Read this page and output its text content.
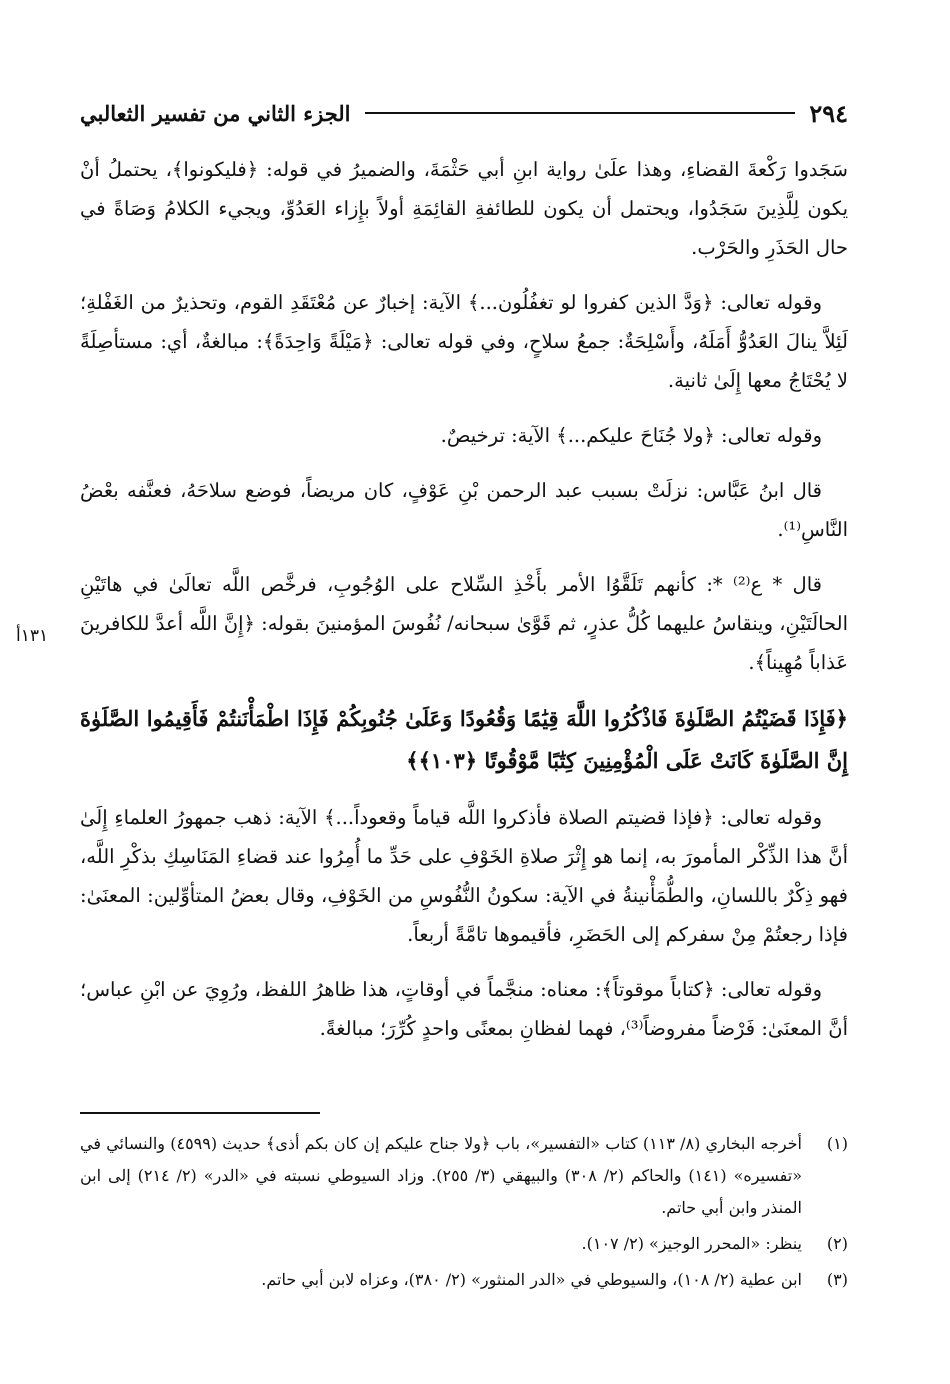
٢٩٤
الجزء الثاني من تفسير الثعالبي

سَجَدوا رَكْعةَ القضاءِ، وهذا علَىٰ رواية ابنِ أبي حَثْمَةَ، والضميرُ في قوله: ﴿فليكونوا﴾، يحتملُ أنْ يكون لِلَّذِينَ سَجَدُوا، ويحتمل أن يكون للطائفةِ القائِمَةِ أولاً بإِزاء العَدُوِّ، ويجيء الكلامُ وَصَاةً في حال الحَذَرِ والحَرْب.

وقوله تعالى: ﴿وَدَّ الذين كفروا لو تغفُلُون...﴾ الآية: إخبارٌ عن مُعْتَقَدِ القوم، وتحذيرٌ من الغَفْلةِ؛ لَئِلاَّ ينالَ العَدُوُّ أَمَلَهُ، وأَسْلِحَةٌ: جمعُ سلاحٍ، وفي قوله تعالى: ﴿مَيْلَةً وَاحِدَةً﴾: مبالغةٌ، أي: مستأصِلَةً لا يُحْتَاجُ معها إِلَىٰ ثانية.

وقوله تعالى: ﴿ولا جُنَاحَ عليكم...﴾ الآية: ترخيصٌ.

قال ابنُ عَبَّاس: نزلَتْ بسبب عبد الرحمن بْنِ عَوْفٍ، كان مريضاً، فوضع سلاحَهُ، فعنَّفه بعْضُ النَّاسِ⁽¹⁾.

قال * ع⁽²⁾ *: كأنهم تَلَقَّوُا الأمر بأَخْذِ السِّلاح على الوُجُوبِ، فرخَّص اللَّه تعالَىٰ في هاتَيْنِ الحالَتَيْنِ، وينقاسُ عليهما كُلُّ عذرٍ، ثم قَوَّىٰ سبحانه/ نُفُوسَ المؤمنينَ بقوله: ﴿إِنَّ اللَّه أعدَّ للكافرينَ عَذاباً مُهِيناً﴾.

﴿فَإِذَا قَضَيْتُمُ الصَّلَوٰةَ فَاذْكُرُوا اللَّهَ قِيَٰمًا وَقُعُودًا وَعَلَىٰ جُنُوبِكُمْ فَإِذَا اطْمَأْنَنتُمْ فَأَقِيمُوا الصَّلَوٰةَ إِنَّ الصَّلَوٰةَ كَانَتْ عَلَى الْمُؤْمِنِينَ كِتَٰبًا مَّوْقُوتًا ﴿١٠٣﴾﴾

وقوله تعالى: ﴿فإذا قضيتم الصلاة فأذكروا اللَّه قياماً وقعوداً...﴾ الآية: ذهب جمهورُ العلماءِ إِلَىٰ أنَّ هذا الذِّكْر المأمورَ به، إنما هو إِثْرَ صلاةِ الخَوْفِ على حَدِّ ما أُمِرُوا عند قضاءِ المَنَاسِكِ بذكْرِ اللَّه، فهو ذِكْرٌ باللسانِ، والطُّمَأْنينةُ في الآية: سكونُ النُّفُوسِ من الخَوْفِ، وقال بعضُ المتأوِّلين: المعنَىٰ: فإذا رجعتُمْ مِنْ سفركم إلى الحَضَرِ، فأقيموها تامَّةً أربعاً.

وقوله تعالى: ﴿كتاباً موقوتاً﴾: معناه: منجَّماً في أوقاتٍ، هذا ظاهرُ اللفظ، ورُوِيَ عن ابْنِ عباس؛ أنَّ المعنَىٰ: فَرْضاً مفروضاً⁽³⁾، فهما لفظانِ بمعنًى واحدٍ كُرِّرَ؛ مبالغةً.

(١)
أخرجه البخاري (٨/ ١١٣) كتاب «التفسير»، باب ﴿ولا جناح عليكم إن كان بكم أذى﴾ حديث (٤٥٩٩) والنسائي في «تفسيره» (١٤١) والحاكم (٢/ ٣٠٨) والبيهقي (٣/ ٢٥٥). وزاد السيوطي نسبته في «الدر» (٢/ ٢١٤) إلى ابن المنذر وابن أبي حاتم.
(٢)
ينظر: «المحرر الوجيز» (٢/ ١٠٧).
(٣)
ابن عطية (٢/ ١٠٨)، والسيوطي في «الدر المنثور» (٢/ ٣٨٠)، وعزاه لابن أبي حاتم.
١٣١أ
